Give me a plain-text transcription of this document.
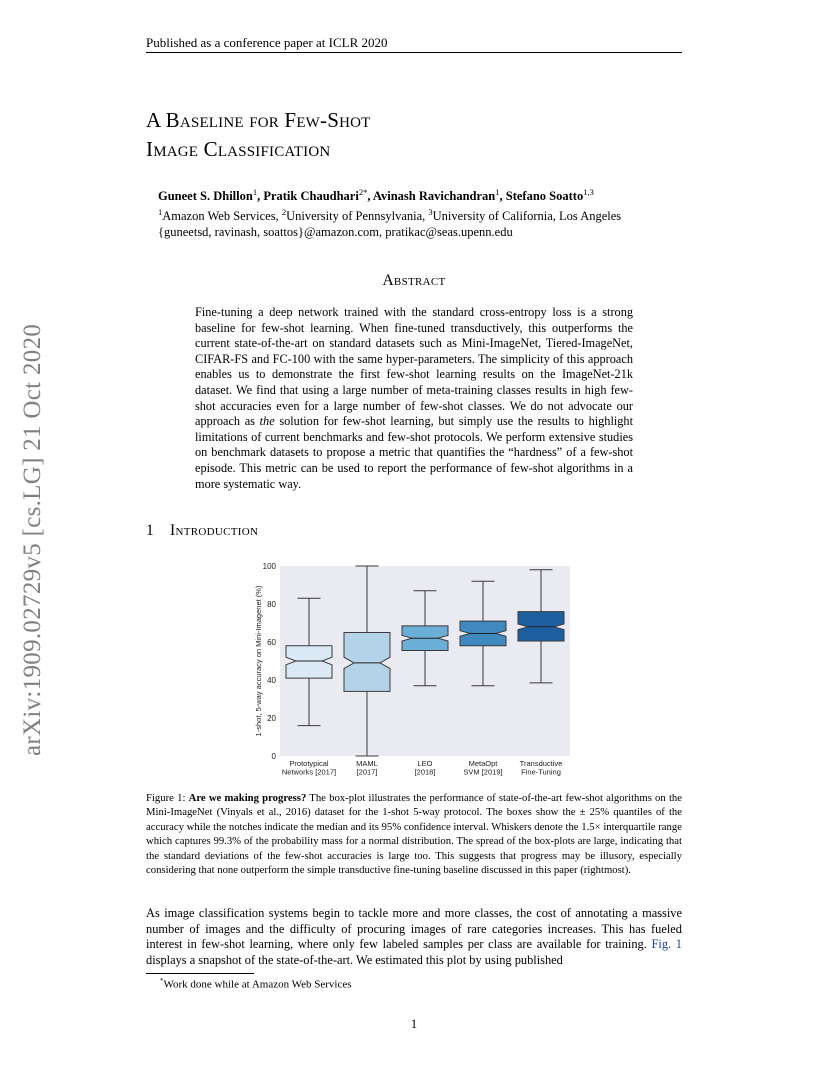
Published as a conference paper at ICLR 2020
A Baseline for Few-Shot
Image Classification
Guneet S. Dhillon$^1$, Pratik Chaudhari$^{2*}$, Avinash Ravichandran$^1$, Stefano Soatto$^{1,3}$
$^1$Amazon Web Services, $^2$University of Pennsylvania, $^3$University of California, Los Angeles
{guneetsd, ravinash, soattos}@amazon.com, pratikac@seas.upenn.edu
Abstract
Fine-tuning a deep network trained with the standard cross-entropy loss is a strong baseline for few-shot learning. When fine-tuned transductively, this outperforms the current state-of-the-art on standard datasets such as Mini-ImageNet, Tiered-ImageNet, CIFAR-FS and FC-100 with the same hyper-parameters. The simplicity of this approach enables us to demonstrate the first few-shot learning results on the ImageNet-21k dataset. We find that using a large number of meta-training classes results in high few-shot accuracies even for a large number of few-shot classes. We do not advocate our approach as the solution for few-shot learning, but simply use the results to highlight limitations of current benchmarks and few-shot protocols. We perform extensive studies on benchmark datasets to propose a metric that quantifies the “hardness” of a few-shot episode. This metric can be used to report the performance of few-shot algorithms in a more systematic way.
arXiv:1909.02729v5 [cs.LG] 21 Oct 2020	1 Introduction
0
20
40
60
80
100
1-shot, 5-way accuracy on Mini-Imagenet (%)
Prototypical
Networks [2017]
MAML
[2017]
LEO
[2018]
MetaOpt
SVM [2019]
Transductive
Fine-Tuning
Figure 1: Are we making progress? The box-plot illustrates the performance of state-of-the-art few-shot algorithms on the Mini-ImageNet (Vinyals et al., 2016) dataset for the 1-shot 5-way protocol. The boxes show the ± 25% quantiles of the accuracy while the notches indicate the median and its 95% confidence interval. Whiskers denote the 1.5× interquartile range which captures 99.3% of the probability mass for a normal distribution. The spread of the box-plots are large, indicating that the standard deviations of the few-shot accuracies is large too. This suggests that progress may be illusory, especially considering that none outperform the simple transductive fine-tuning baseline discussed in this paper (rightmost).
As image classification systems begin to tackle more and more classes, the cost of annotating a massive number of images and the difficulty of procuring images of rare categories increases. This has fueled interest in few-shot learning, where only few labeled samples per class are available for training. Fig. 1 displays a snapshot of the state-of-the-art. We estimated this plot by using published
*Work done while at Amazon Web Services
1
